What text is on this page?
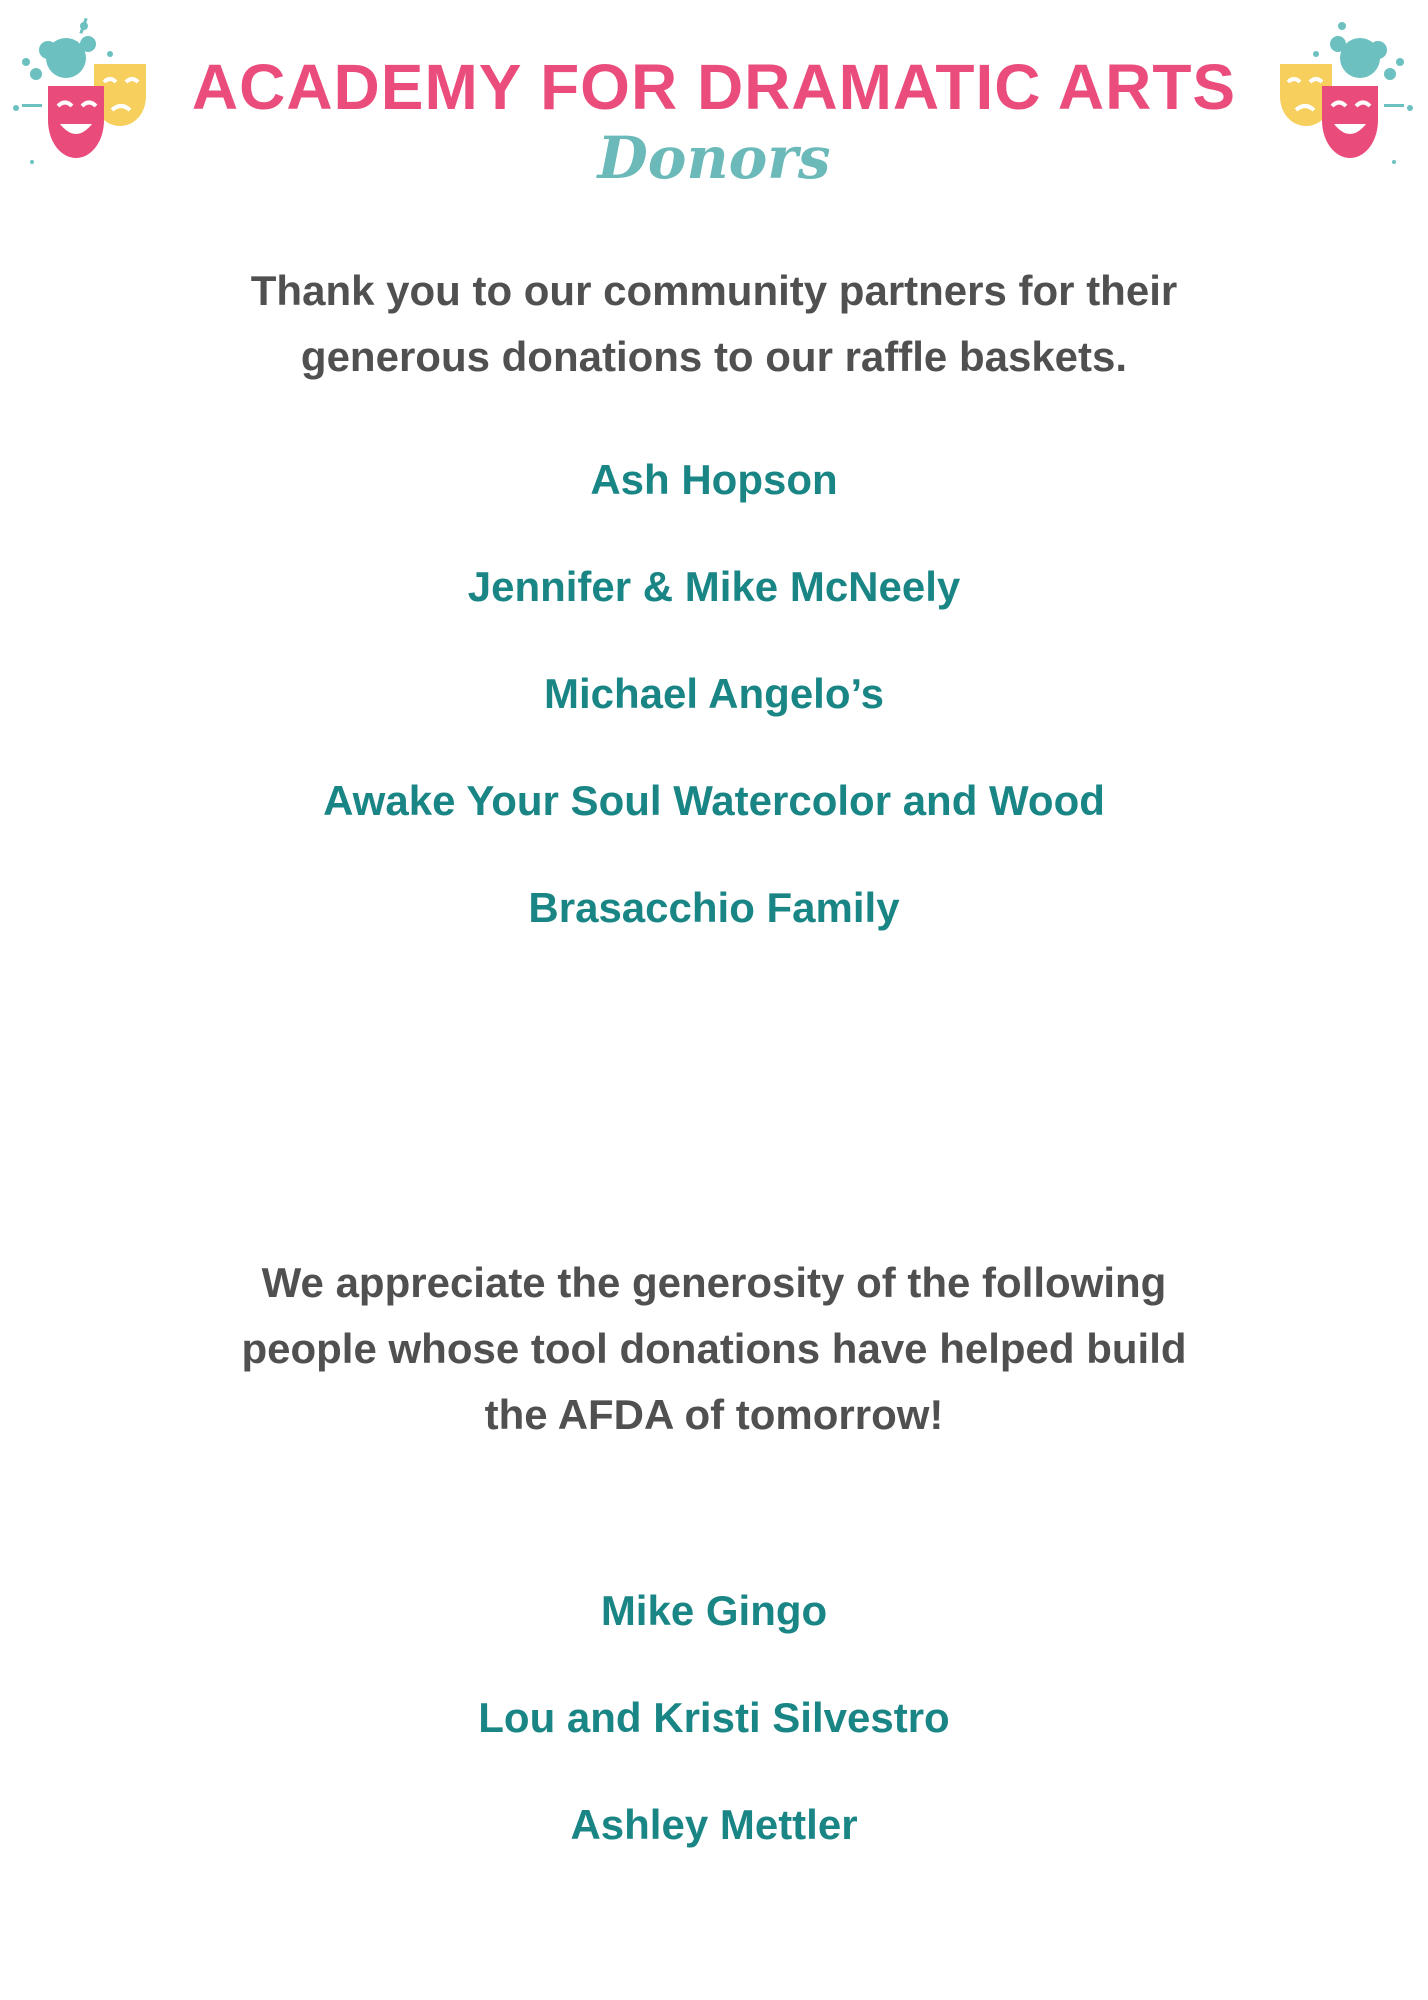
ACADEMY FOR DRAMATIC ARTS
Donors

Thank you to our community partners for their generous donations to our raffle baskets.

Ash Hopson

Jennifer & Mike McNeely

Michael Angelo’s

Awake Your Soul Watercolor and Wood

Brasacchio Family

We appreciate the generosity of the following people whose tool donations have helped build the AFDA of tomorrow!

Mike Gingo

Lou and Kristi Silvestro

Ashley Mettler
